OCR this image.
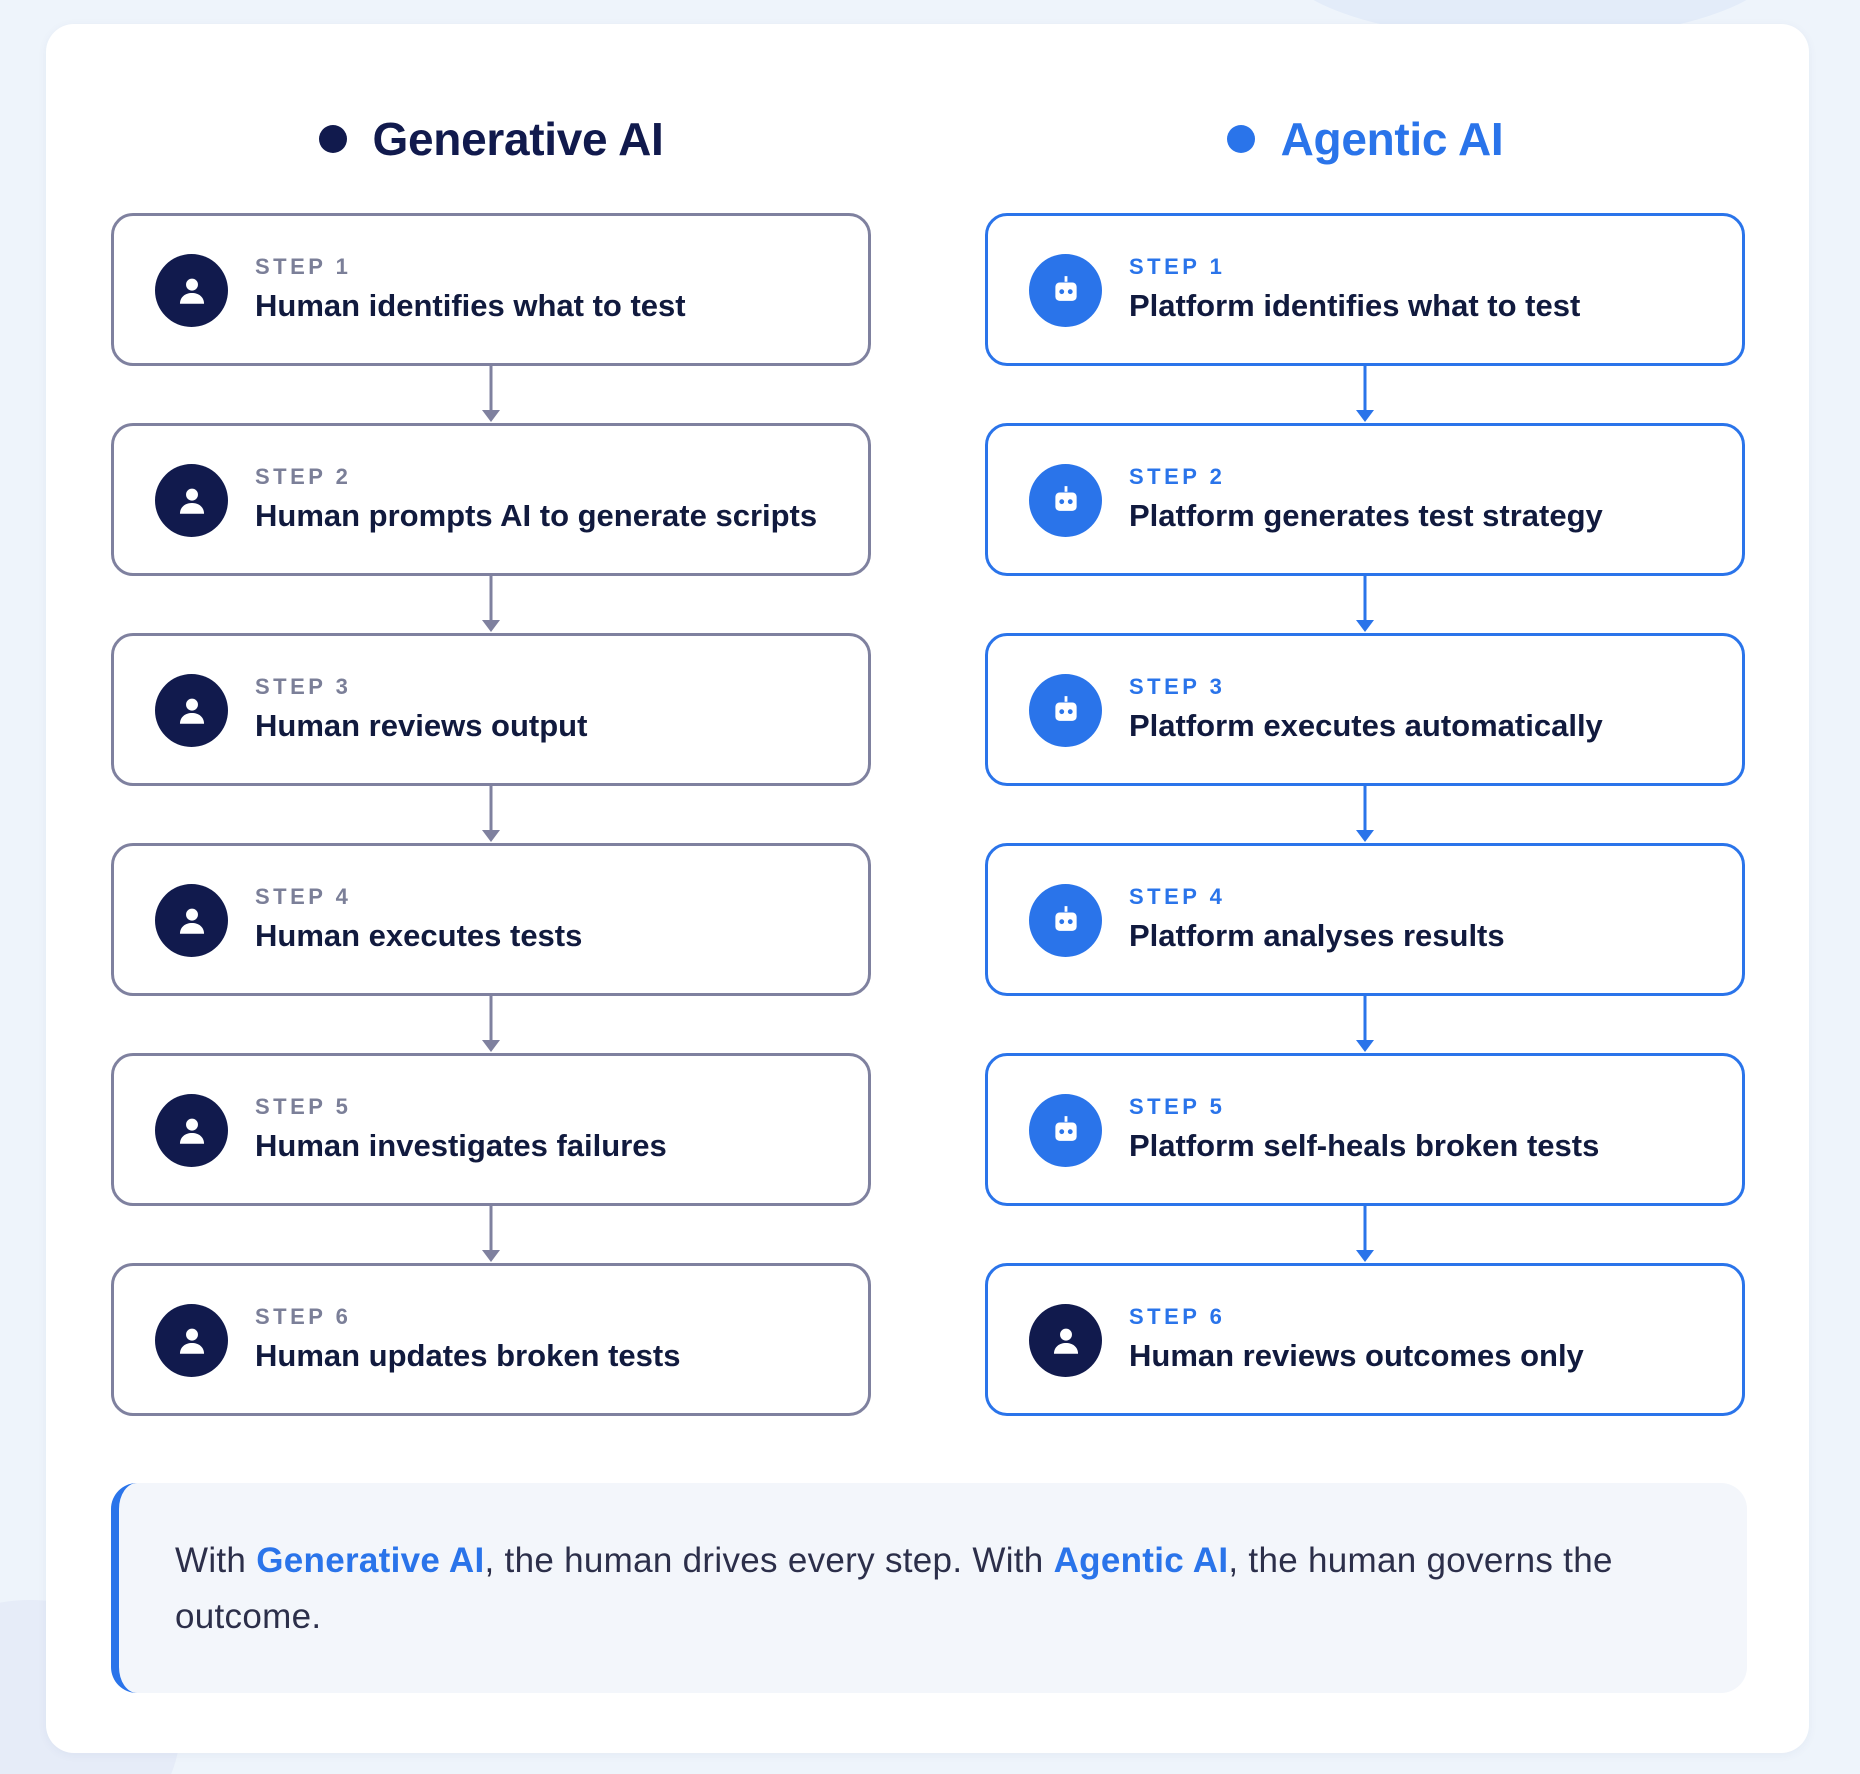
Generative AI
STEP 1
Human identifies what to test
STEP 2
Human prompts AI to generate scripts
STEP 3
Human reviews output
STEP 4
Human executes tests
STEP 5
Human investigates failures
STEP 6
Human updates broken tests
Agentic AI
STEP 1
Platform identifies what to test
STEP 2
Platform generates test strategy
STEP 3
Platform executes automatically
STEP 4
Platform analyses results
STEP 5
Platform self-heals broken tests
STEP 6
Human reviews outcomes only

With Generative AI, the human drives every step. With Agentic AI, the human governs the outcome.
